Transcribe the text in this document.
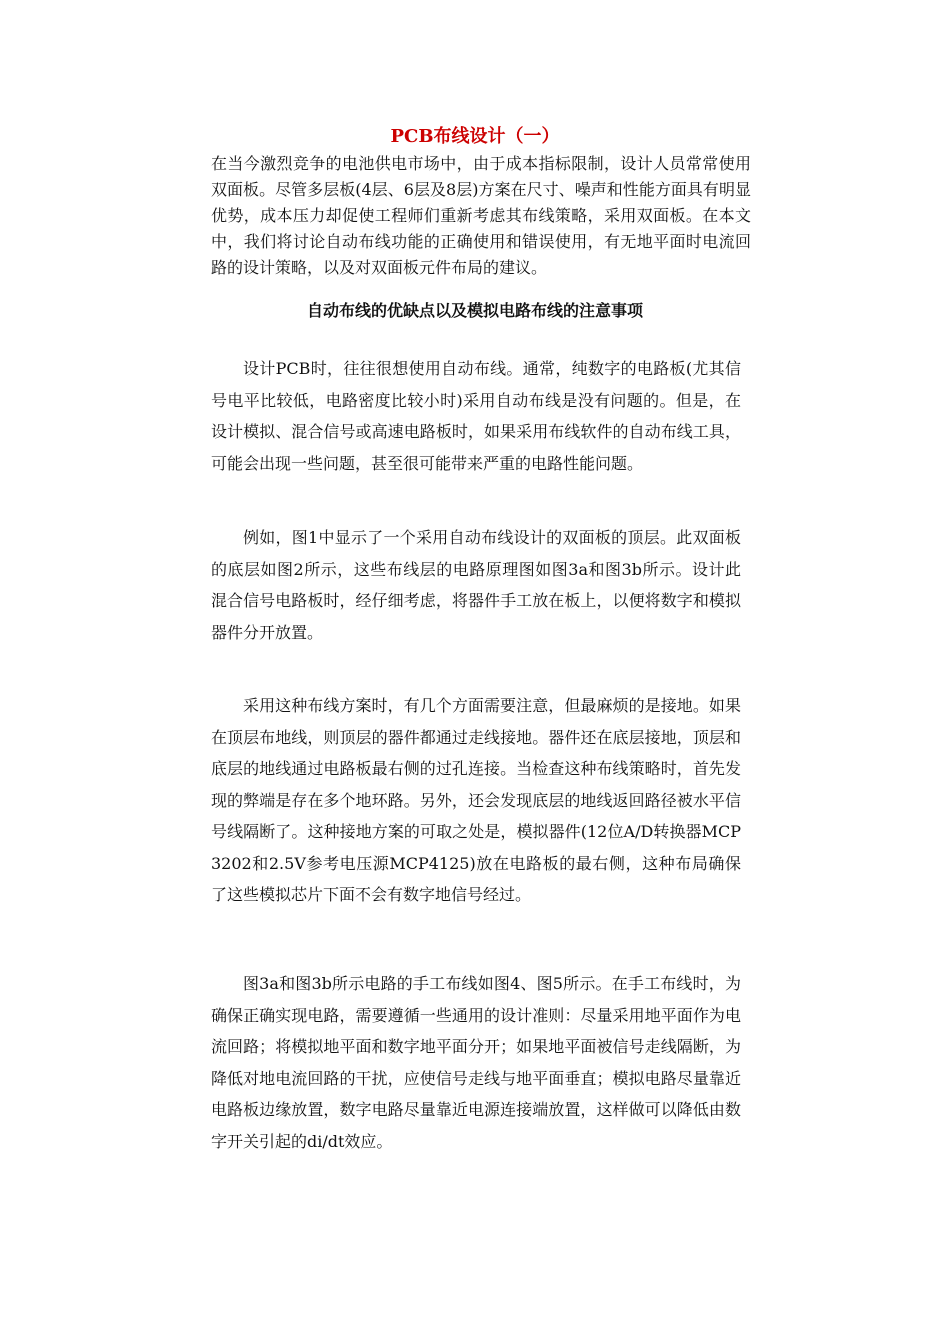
PCB布线设计（一）

在当今激烈竞争的电池供电市场中，由于成本指标限制，设计人员常常使用双面板。尽管多层板(4层、6层及8层)方案在尺寸、噪声和性能方面具有明显优势，成本压力却促使工程师们重新考虑其布线策略，采用双面板。在本文中，我们将讨论自动布线功能的正确使用和错误使用，有无地平面时电流回路的设计策略，以及对双面板元件布局的建议。

自动布线的优缺点以及模拟电路布线的注意事项

设计PCB时，往往很想使用自动布线。通常，纯数字的电路板(尤其信号电平比较低，电路密度比较小时)采用自动布线是没有问题的。但是，在设计模拟、混合信号或高速电路板时，如果采用布线软件的自动布线工具，可能会出现一些问题，甚至很可能带来严重的电路性能问题。

例如，图1中显示了一个采用自动布线设计的双面板的顶层。此双面板的底层如图2所示，这些布线层的电路原理图如图3a和图3b所示。设计此混合信号电路板时，经仔细考虑，将器件手工放在板上，以便将数字和模拟器件分开放置。

采用这种布线方案时，有几个方面需要注意，但最麻烦的是接地。如果在顶层布地线，则顶层的器件都通过走线接地。器件还在底层接地，顶层和底层的地线通过电路板最右侧的过孔连接。当检查这种布线策略时，首先发现的弊端是存在多个地环路。另外，还会发现底层的地线返回路径被水平信号线隔断了。这种接地方案的可取之处是，模拟器件(12位A/D转换器MCP3202和2.5V参考电压源MCP4125)放在电路板的最右侧，这种布局确保了这些模拟芯片下面不会有数字地信号经过。

图3a和图3b所示电路的手工布线如图4、图5所示。在手工布线时，为确保正确实现电路，需要遵循一些通用的设计准则：尽量采用地平面作为电流回路；将模拟地平面和数字地平面分开；如果地平面被信号走线隔断，为降低对地电流回路的干扰，应使信号走线与地平面垂直；模拟电路尽量靠近电路板边缘放置，数字电路尽量靠近电源连接端放置，这样做可以降低由数字开关引起的di/dt效应。
